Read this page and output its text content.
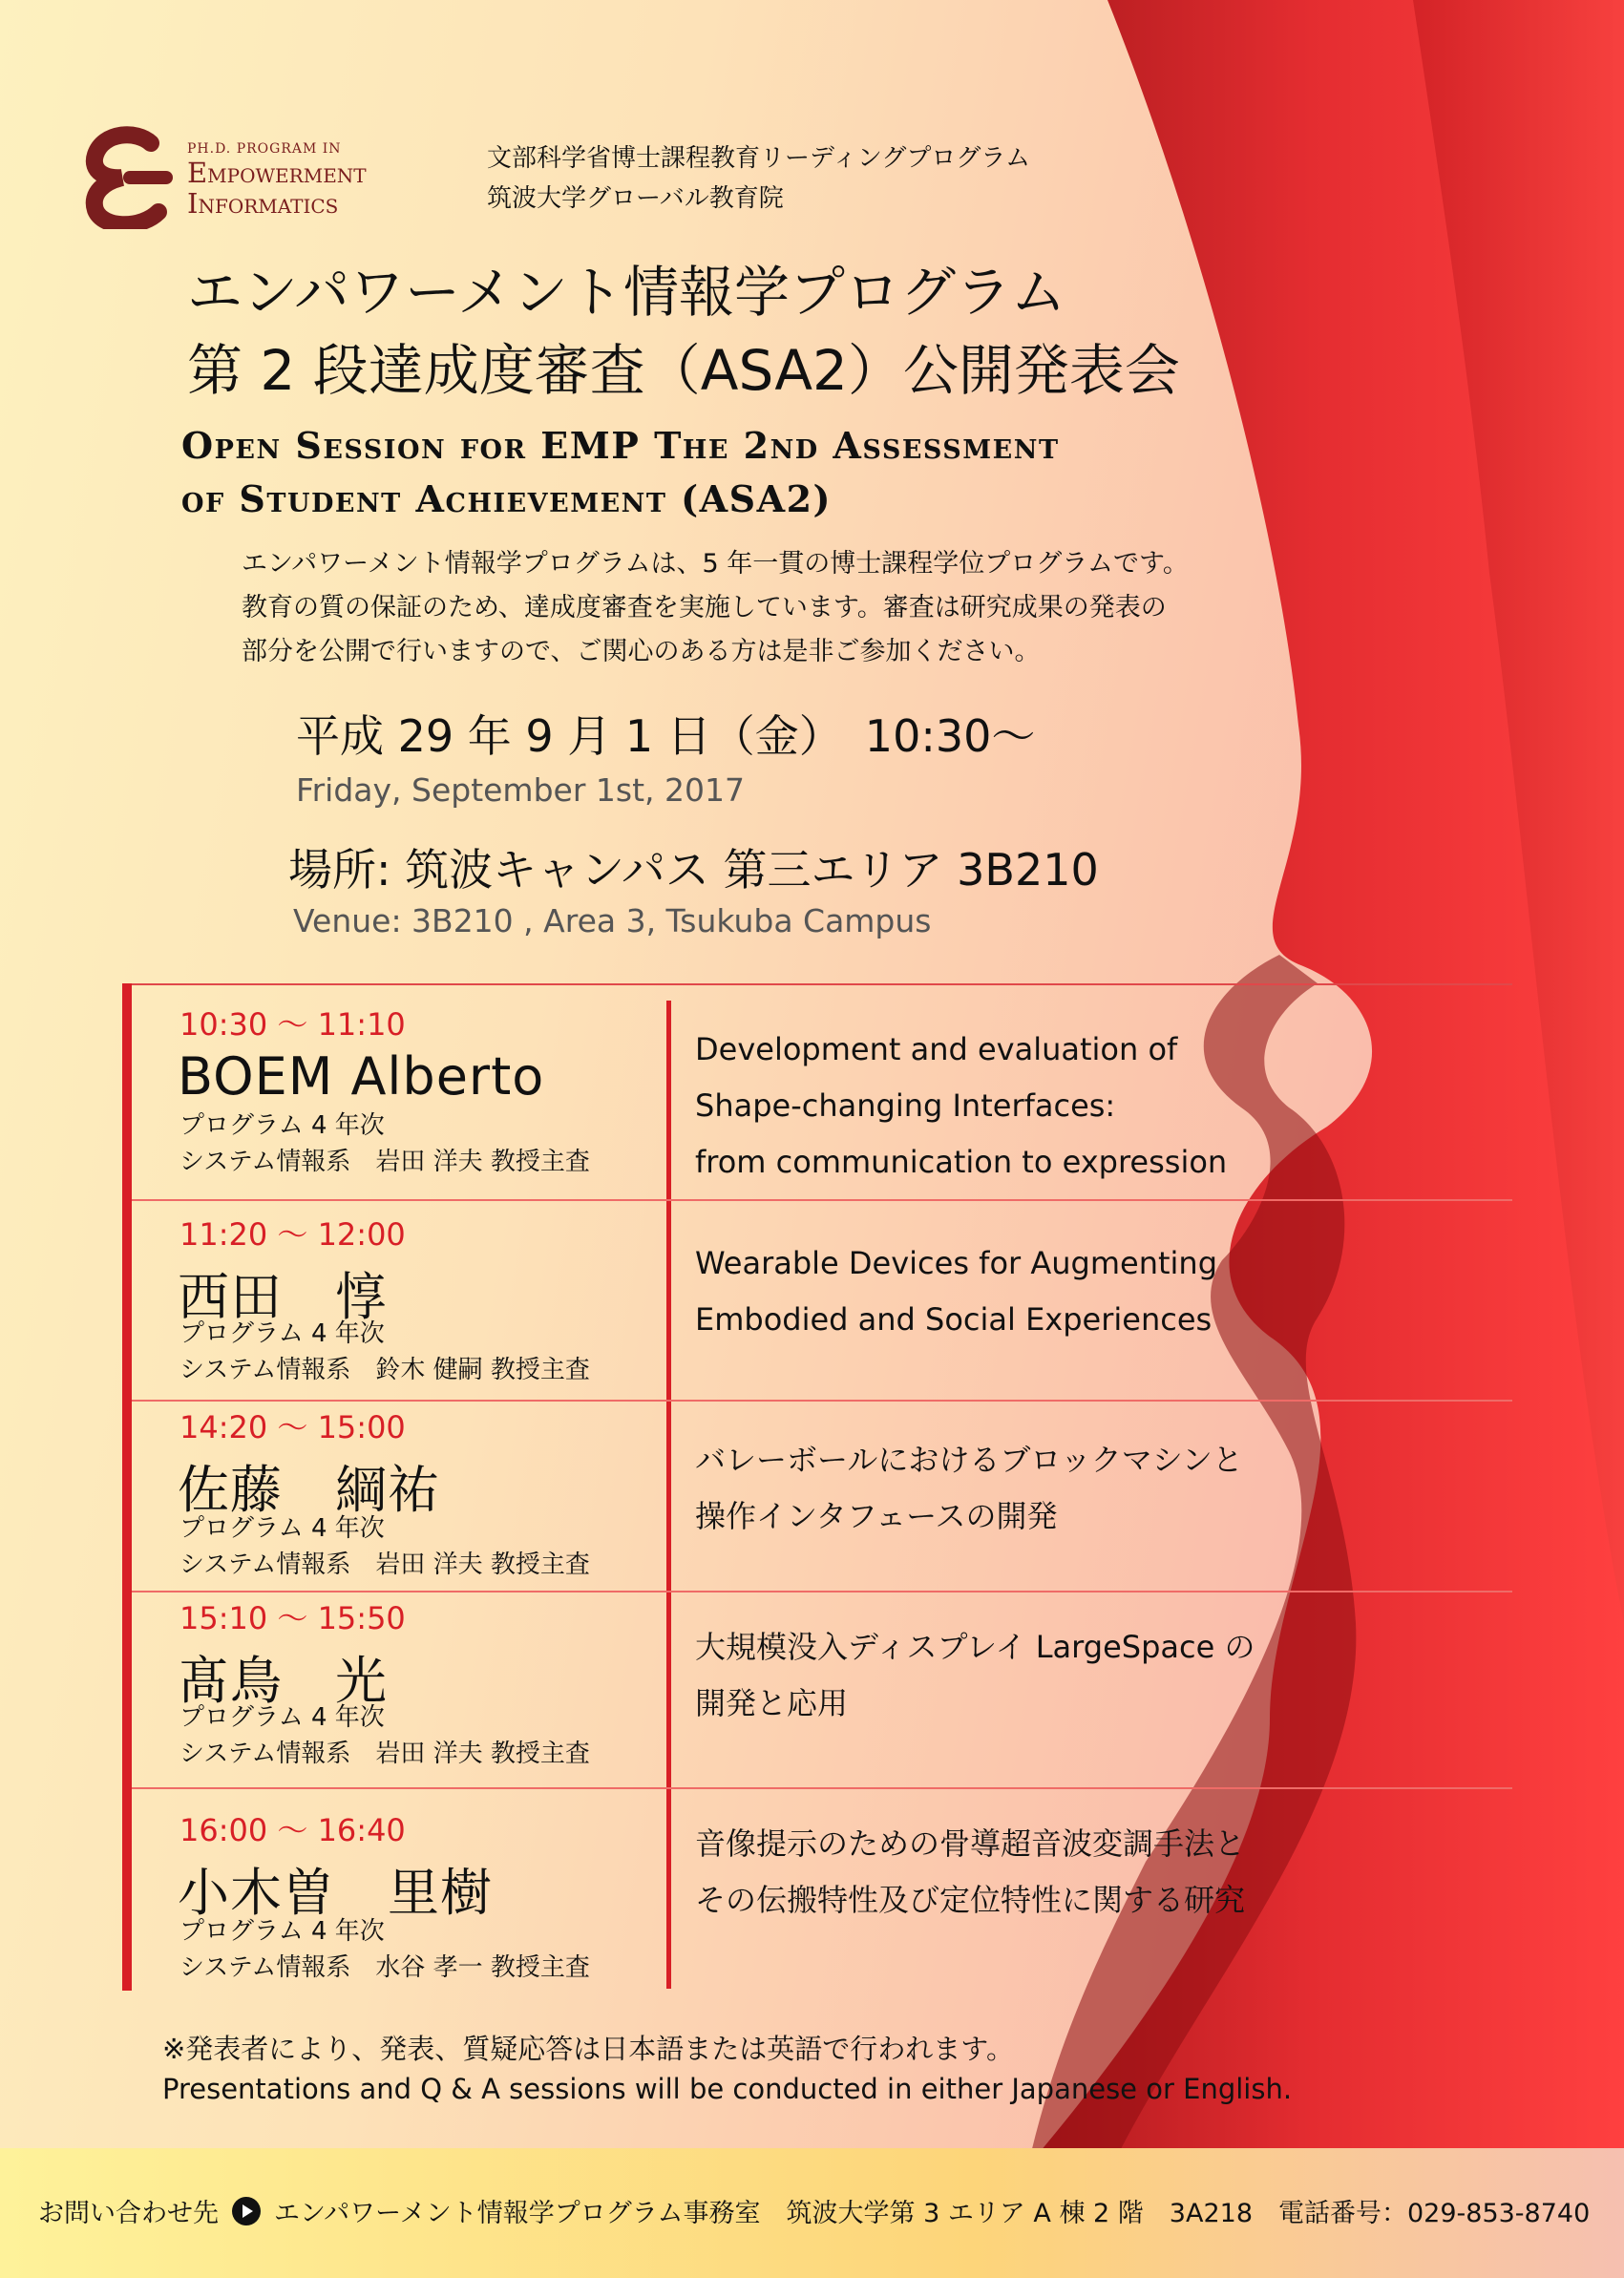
PH.D. PROGRAM IN
Empowerment
Informatics
文部科学省博士課程教育リーディングプログラム
筑波大学グローバル教育院
エンパワーメント情報学プログラム
第 2 段達成度審査（ASA2）公開発表会
Open Session for EMP The 2nd Assessment
of Student Achievement (ASA2)
エンパワーメント情報学プログラムは、5 年一貫の博士課程学位プログラムです。
教育の質の保証のため、達成度審査を実施しています。審査は研究成果の発表の
部分を公開で行いますので、ご関心のある方は是非ご参加ください。
平成 29 年 9 月 1 日（金）　10:30〜
Friday, September 1st, 2017
場所: 筑波キャンパス 第三エリア 3B210
Venue: 3B210 , Area 3, Tsukuba Campus
10:30 〜 11:10
BOEM Alberto
プログラム 4 年次
システム情報系　岩田 洋夫 教授主査
Development and evaluation of
Shape-changing Interfaces:
from communication to expression
11:20 〜 12:00
西田　惇
プログラム 4 年次
システム情報系　鈴木 健嗣 教授主査
Wearable Devices for Augmenting
Embodied and Social Experiences
14:20 〜 15:00
佐藤　綱祐
プログラム 4 年次
システム情報系　岩田 洋夫 教授主査
バレーボールにおけるブロックマシンと
操作インタフェースの開発
15:10 〜 15:50
髙鳥　光
プログラム 4 年次
システム情報系　岩田 洋夫 教授主査
大規模没入ディスプレイ LargeSpace の
開発と応用
16:00 〜 16:40
小木曽　里樹
プログラム 4 年次
システム情報系　水谷 孝一 教授主査
音像提示のための骨導超音波変調手法と
その伝搬特性及び定位特性に関する研究
※発表者により、発表、質疑応答は日本語または英語で行われます。
Presentations and Q & A sessions will be conducted in either Japanese or English.
お問い合わせ先 エンパワーメント情報学プログラム事務室　筑波大学第 3 エリア A 棟 2 階　3A218　電話番号：029-853-8740
